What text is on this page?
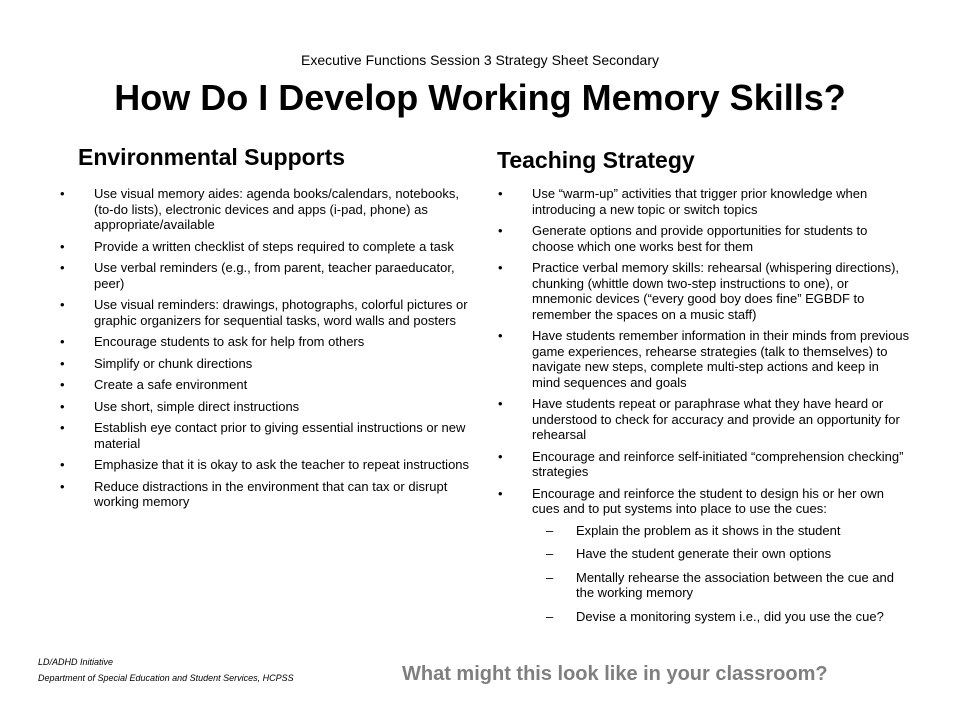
Executive Functions Session 3 Strategy Sheet Secondary
How Do I Develop Working Memory Skills?
Environmental Supports	Teaching Strategy
• Use visual memory aides: agenda books/calendars, notebooks, (to-do lists), electronic devices and apps (i-pad, phone) as appropriate/available
• Provide a written checklist of steps required to complete a task
• Use verbal reminders (e.g., from parent, teacher paraeducator, peer)
• Use visual reminders: drawings, photographs, colorful pictures or graphic organizers for sequential tasks, word walls and posters
• Encourage students to ask for help from others
• Simplify or chunk directions
• Create a safe environment
• Use short, simple direct instructions
• Establish eye contact prior to giving essential instructions or new material
• Emphasize that it is okay to ask the teacher to repeat instructions
• Reduce distractions in the environment that can tax or disrupt working memory
• Use “warm-up” activities that trigger prior knowledge when introducing a new topic or switch topics
• Generate options and provide opportunities for students to choose which one works best for them
• Practice verbal memory skills: rehearsal (whispering directions), chunking (whittle down two-step instructions to one), or mnemonic devices (“every good boy does fine” EGBDF to remember the spaces on a music staff)
• Have students remember information in their minds from previous game experiences, rehearse strategies (talk to themselves) to navigate new steps, complete multi-step actions and keep in mind sequences and goals
• Have students repeat or paraphrase what they have heard or understood to check for accuracy and provide an opportunity for rehearsal
• Encourage and reinforce self-initiated “comprehension checking” strategies
• Encourage and reinforce the student to design his or her own cues and to put systems into place to use the cues:
– Explain the problem as it shows in the student
– Have the student generate their own options
– Mentally rehearse the association between the cue and the working memory
– Devise a monitoring system i.e., did you use the cue?
LD/ADHD Initiative
Department of Special Education and Student Services, HCPSS	What might this look like in your classroom?
